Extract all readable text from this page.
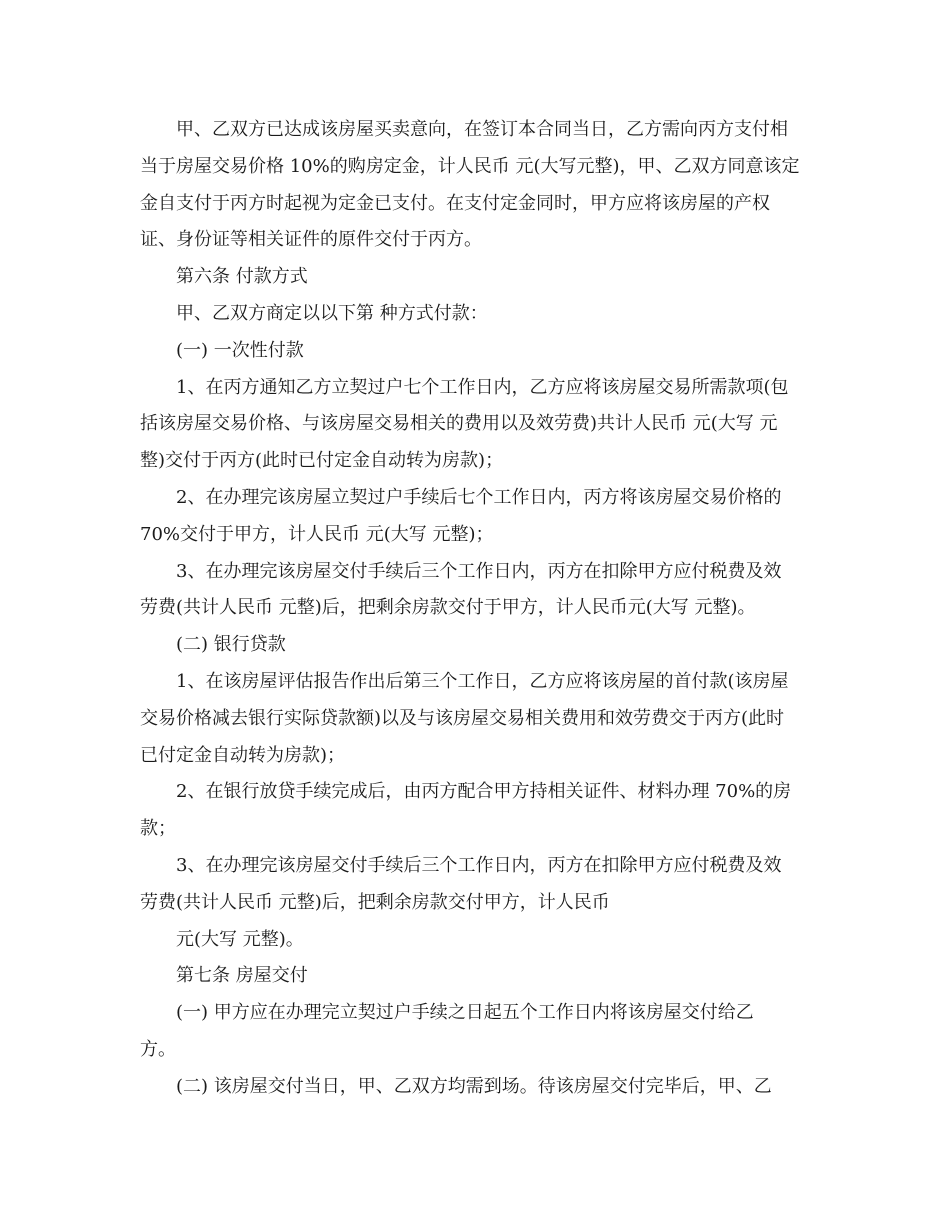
甲、乙双方已达成该房屋买卖意向，在签订本合同当日，乙方需向丙方支付相
当于房屋交易价格 10%的购房定金，计人民币 元(大写元整)，甲、乙双方同意该定
金自支付于丙方时起视为定金已支付。在支付定金同时，甲方应将该房屋的产权
证、身份证等相关证件的原件交付于丙方。
第六条 付款方式
甲、乙双方商定以以下第 种方式付款：
(一) 一次性付款
1、在丙方通知乙方立契过户七个工作日内，乙方应将该房屋交易所需款项(包
括该房屋交易价格、与该房屋交易相关的费用以及效劳费)共计人民币 元(大写 元
整)交付于丙方(此时已付定金自动转为房款)；
2、在办理完该房屋立契过户手续后七个工作日内，丙方将该房屋交易价格的
70%交付于甲方，计人民币 元(大写 元整)；
3、在办理完该房屋交付手续后三个工作日内，丙方在扣除甲方应付税费及效
劳费(共计人民币 元整)后，把剩余房款交付于甲方，计人民币元(大写 元整)。
(二) 银行贷款
1、在该房屋评估报告作出后第三个工作日，乙方应将该房屋的首付款(该房屋
交易价格减去银行实际贷款额)以及与该房屋交易相关费用和效劳费交于丙方(此时
已付定金自动转为房款)；
2、在银行放贷手续完成后，由丙方配合甲方持相关证件、材料办理 70%的房
款；
3、在办理完该房屋交付手续后三个工作日内，丙方在扣除甲方应付税费及效
劳费(共计人民币 元整)后，把剩余房款交付甲方，计人民币
元(大写 元整)。
第七条 房屋交付
(一) 甲方应在办理完立契过户手续之日起五个工作日内将该房屋交付给乙
方。
(二) 该房屋交付当日，甲、乙双方均需到场。待该房屋交付完毕后，甲、乙
